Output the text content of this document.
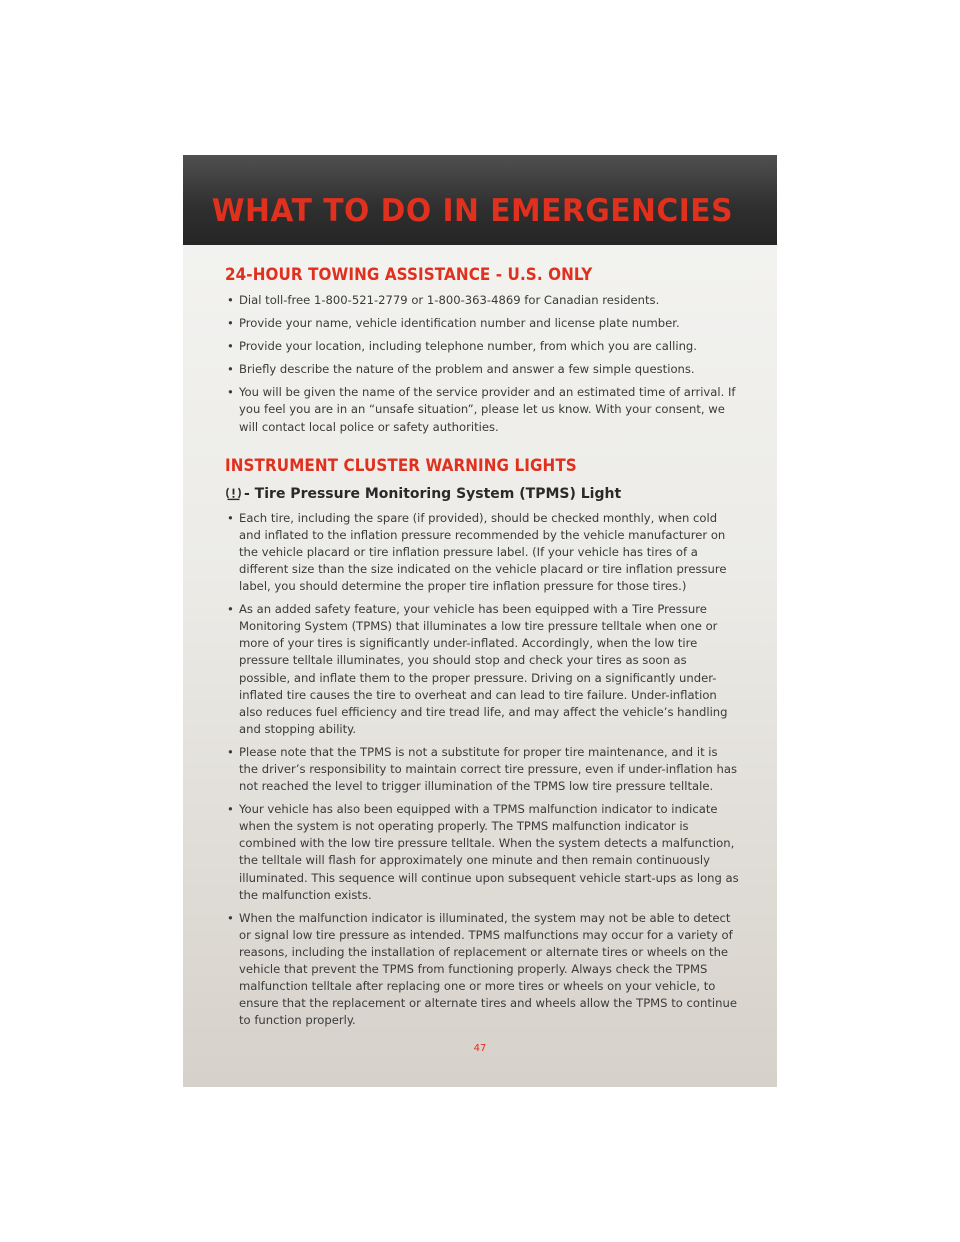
WHAT TO DO IN EMERGENCIES
24-HOUR TOWING ASSISTANCE - U.S. ONLY
• Dial toll-free 1-800-521-2779 or 1-800-363-4869 for Canadian residents.
• Provide your name, vehicle identification number and license plate number.
• Provide your location, including telephone number, from which you are calling.
• Briefly describe the nature of the problem and answer a few simple questions.
• You will be given the name of the service provider and an estimated time of arrival. If you feel you are in an “unsafe situation”, please let us know. With your consent, we will contact local police or safety authorities.
INSTRUMENT CLUSTER WARNING LIGHTS
- Tire Pressure Monitoring System (TPMS) Light
• Each tire, including the spare (if provided), should be checked monthly, when cold and inflated to the inflation pressure recommended by the vehicle manufacturer on the vehicle placard or tire inflation pressure label. (If your vehicle has tires of a different size than the size indicated on the vehicle placard or tire inflation pressure label, you should determine the proper tire inflation pressure for those tires.)
• As an added safety feature, your vehicle has been equipped with a Tire Pressure Monitoring System (TPMS) that illuminates a low tire pressure telltale when one or more of your tires is significantly under-inflated. Accordingly, when the low tire pressure telltale illuminates, you should stop and check your tires as soon as possible, and inflate them to the proper pressure. Driving on a significantly under-inflated tire causes the tire to overheat and can lead to tire failure. Under-inflation also reduces fuel efficiency and tire tread life, and may affect the vehicle’s handling and stopping ability.
• Please note that the TPMS is not a substitute for proper tire maintenance, and it is the driver’s responsibility to maintain correct tire pressure, even if under-inflation has not reached the level to trigger illumination of the TPMS low tire pressure telltale.
• Your vehicle has also been equipped with a TPMS malfunction indicator to indicate when the system is not operating properly. The TPMS malfunction indicator is combined with the low tire pressure telltale. When the system detects a malfunction, the telltale will flash for approximately one minute and then remain continuously illuminated. This sequence will continue upon subsequent vehicle start-ups as long as the malfunction exists.
• When the malfunction indicator is illuminated, the system may not be able to detect or signal low tire pressure as intended. TPMS malfunctions may occur for a variety of reasons, including the installation of replacement or alternate tires or wheels on the vehicle that prevent the TPMS from functioning properly. Always check the TPMS malfunction telltale after replacing one or more tires or wheels on your vehicle, to ensure that the replacement or alternate tires and wheels allow the TPMS to continue to function properly.
47
